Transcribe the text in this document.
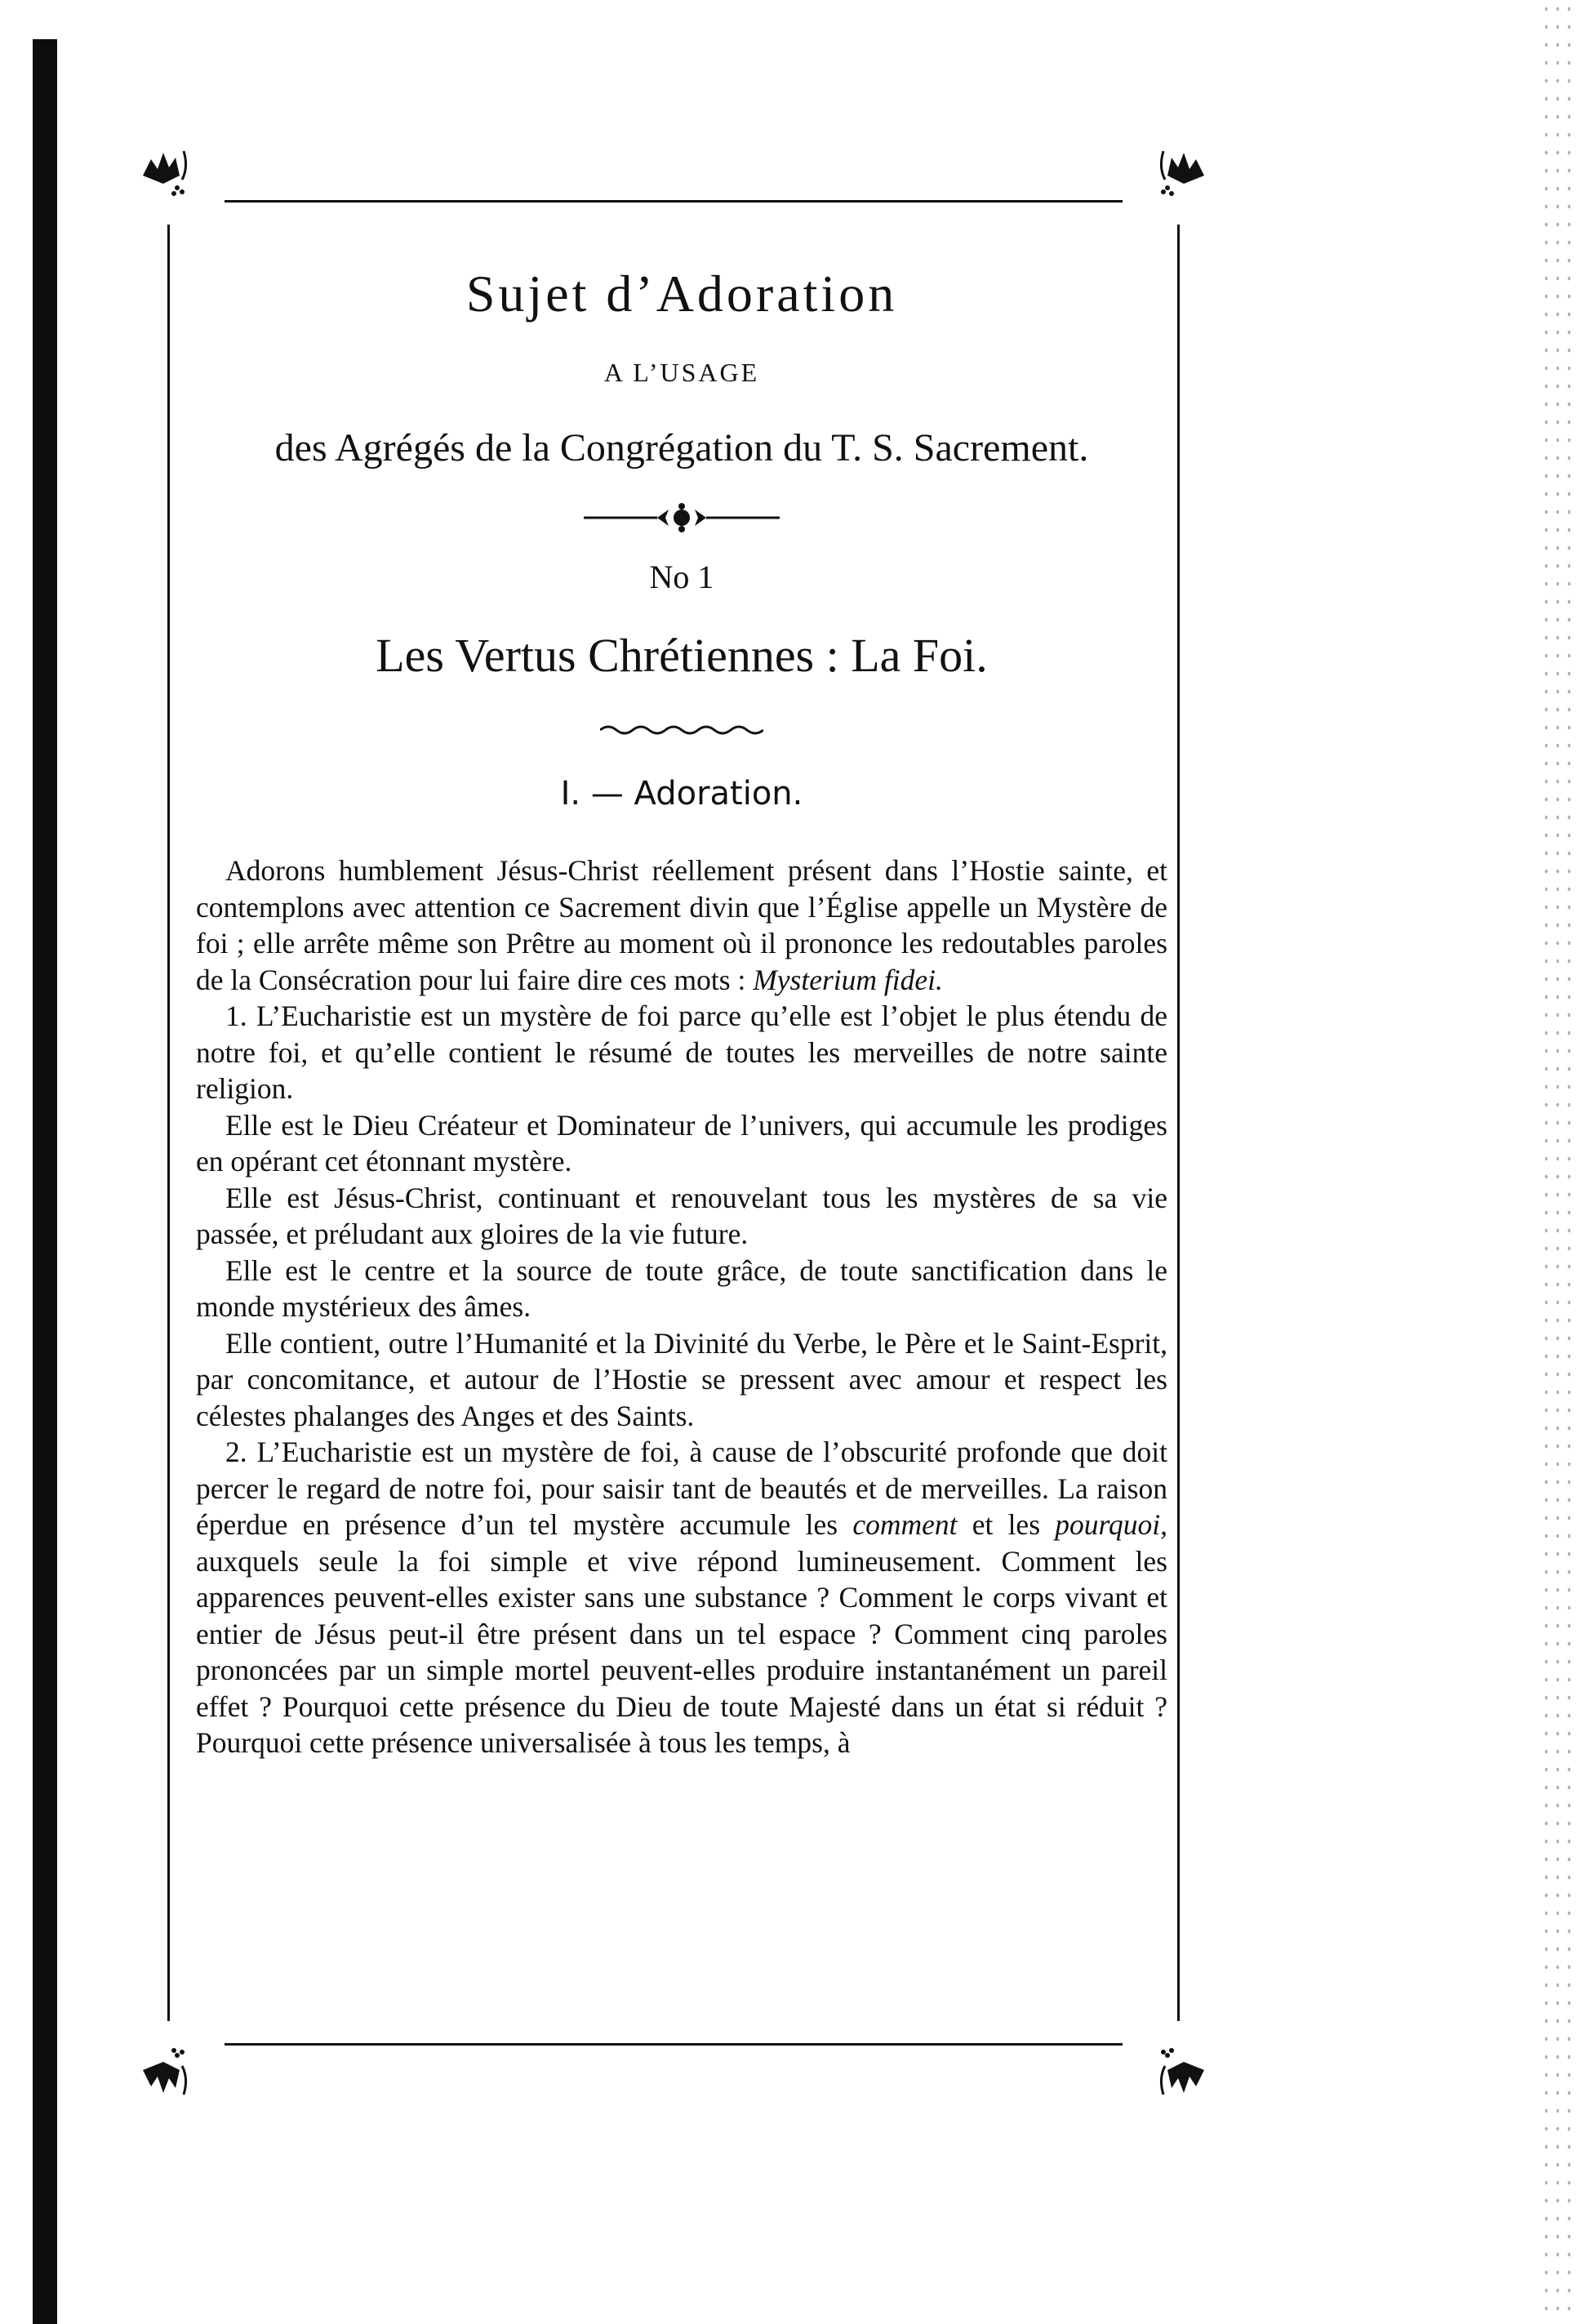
Sujet d’Adoration
A L’USAGE
des Agrégés de la Congrégation du T. S. Sacrement.
No 1
Les Vertus Chrétiennes : La Foi.
I. — Adoration.

Adorons humblement Jésus-Christ réellement présent dans l’Hostie sainte, et contemplons avec attention ce Sacrement divin que l’Église appelle un Mystère de foi ; elle arrête même son Prêtre au moment où il prononce les redoutables paroles de la Consécration pour lui faire dire ces mots : Mysterium fidei.

1. L’Eucharistie est un mystère de foi parce qu’elle est l’objet le plus étendu de notre foi, et qu’elle contient le résumé de toutes les merveilles de notre sainte religion.

Elle est le Dieu Créateur et Dominateur de l’univers, qui accumule les prodiges en opérant cet étonnant mystère.

Elle est Jésus-Christ, continuant et renouvelant tous les mystères de sa vie passée, et préludant aux gloires de la vie future.

Elle est le centre et la source de toute grâce, de toute sanctification dans le monde mystérieux des âmes.

Elle contient, outre l’Humanité et la Divinité du Verbe, le Père et le Saint-Esprit, par concomitance, et autour de l’Hostie se pressent avec amour et respect les célestes phalanges des Anges et des Saints.

2. L’Eucharistie est un mystère de foi, à cause de l’obscurité profonde que doit percer le regard de notre foi, pour saisir tant de beautés et de merveilles. La raison éperdue en présence d’un tel mystère accumule les comment et les pourquoi, auxquels seule la foi simple et vive répond lumineusement. Comment les apparences peuvent-elles exister sans une substance ? Comment le corps vivant et entier de Jésus peut-il être présent dans un tel espace ? Comment cinq paroles prononcées par un simple mortel peuvent-elles produire instantanément un pareil effet ? Pourquoi cette présence du Dieu de toute Majesté dans un état si réduit ? Pourquoi cette présence universalisée à tous les temps, à
